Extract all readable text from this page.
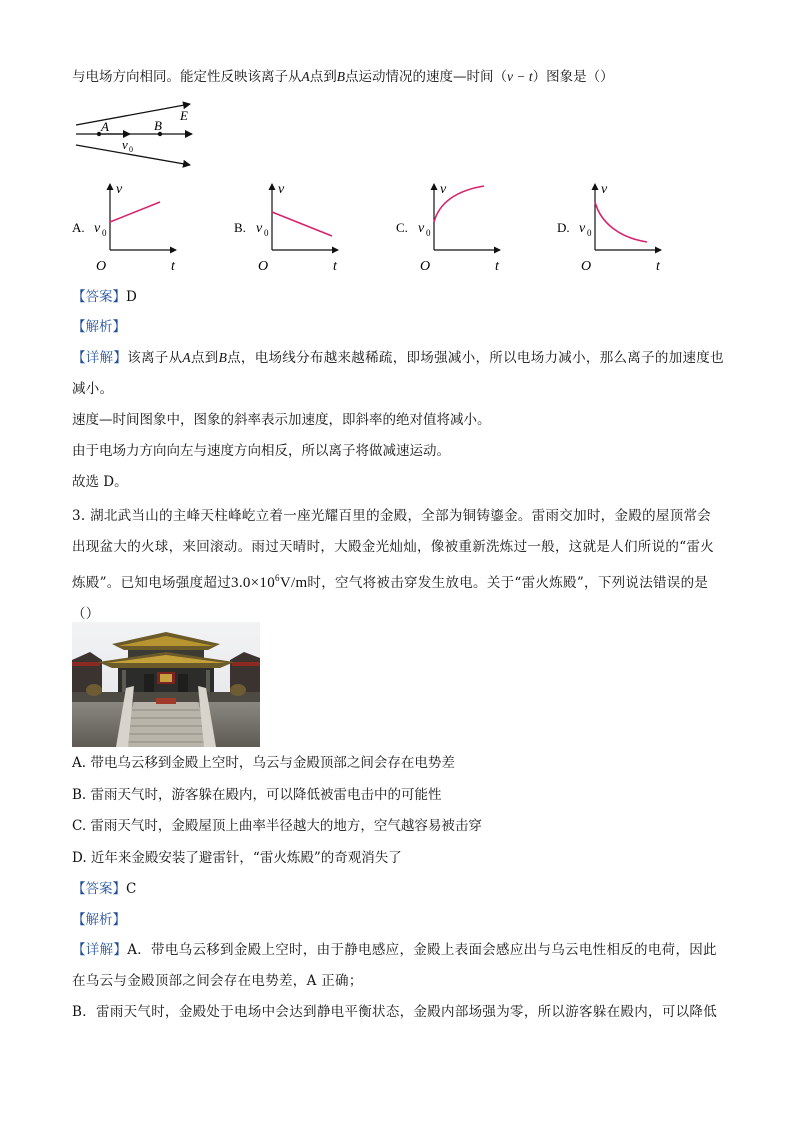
与电场方向相同。能定性反映该离子从A点到B点运动情况的速度—时间（v − t）图象是（）
A	B
E
v 0
A.
v
t
O
v 0	B.
v
t
O
v 0	C.
v
t
O
v 0	D.
v
t
O
v 0
【答案】D
【解析】
【详解】该离子从A点到B点，电场线分布越来越稀疏，即场强减小，所以电场力减小，那么离子的加速度也减小。
速度—时间图象中，图象的斜率表示加速度，即斜率的绝对值将减小。
由于电场力方向向左与速度方向相反，所以离子将做减速运动。
故选 D。
3. 湖北武当山的主峰天柱峰屹立着一座光耀百里的金殿，全部为铜铸鎏金。雷雨交加时，金殿的屋顶常会出现盆大的火球，来回滚动。雨过天晴时，大殿金光灿灿，像被重新洗炼过一般，这就是人们所说的“雷火炼殿”。已知电场强度超过$3.0\times 10^6V/m$时，空气将被击穿发生放电。关于“雷火炼殿”，下列说法错误的是（）
A. 带电乌云移到金殿上空时，乌云与金殿顶部之间会存在电势差
B. 雷雨天气时，游客躲在殿内，可以降低被雷电击中的可能性
C. 雷雨天气时，金殿屋顶上曲率半径越大的地方，空气越容易被击穿
D. 近年来金殿安装了避雷针，“雷火炼殿”的奇观消失了
【答案】C
【解析】
【详解】A．带电乌云移到金殿上空时，由于静电感应，金殿上表面会感应出与乌云电性相反的电荷，因此在乌云与金殿顶部之间会存在电势差，A 正确；
B．雷雨天气时，金殿处于电场中会达到静电平衡状态，金殿内部场强为零，所以游客躲在殿内，可以降低
